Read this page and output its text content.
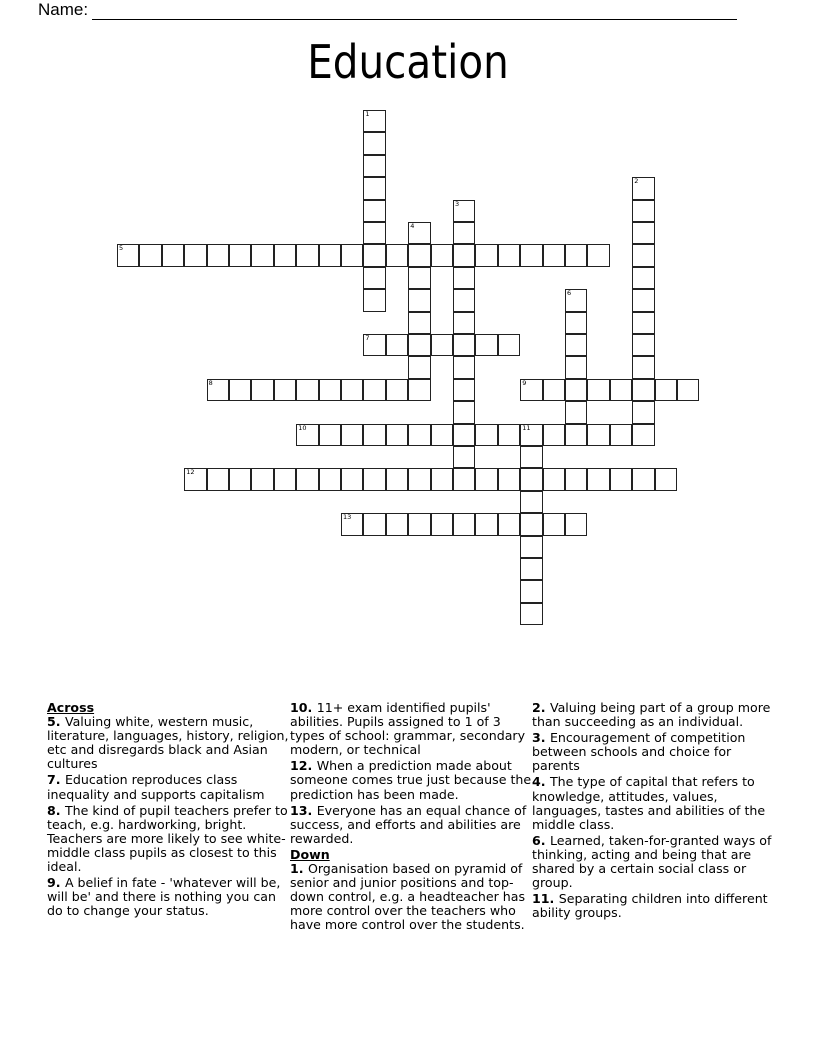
Name:
Education
1
2
3
4
5
6
7
8	9
10	11
12
13
Across
5. Valuing white, western music, literature, languages, history, religion, etc and disregards black and Asian cultures
7. Education reproduces class inequality and supports capitalism
8. The kind of pupil teachers prefer to teach, e.g. hardworking, bright. Teachers are more likely to see white-middle class pupils as closest to this ideal.
9. A belief in fate - 'whatever will be, will be' and there is nothing you can do to change your status.
10. 11+ exam identified pupils' abilities. Pupils assigned to 1 of 3 types of school: grammar, secondary modern, or technical
12. When a prediction made about someone comes true just because the prediction has been made.
13. Everyone has an equal chance of success, and efforts and abilities are rewarded.
Down
1. Organisation based on pyramid of senior and junior positions and top-down control, e.g. a headteacher has more control over the teachers who have more control over the students.
2. Valuing being part of a group more than succeeding as an individual.
3. Encouragement of competition between schools and choice for parents
4. The type of capital that refers to knowledge, attitudes, values, languages, tastes and abilities of the middle class.
6. Learned, taken-for-granted ways of thinking, acting and being that are shared by a certain social class or group.
11. Separating children into different ability groups.
